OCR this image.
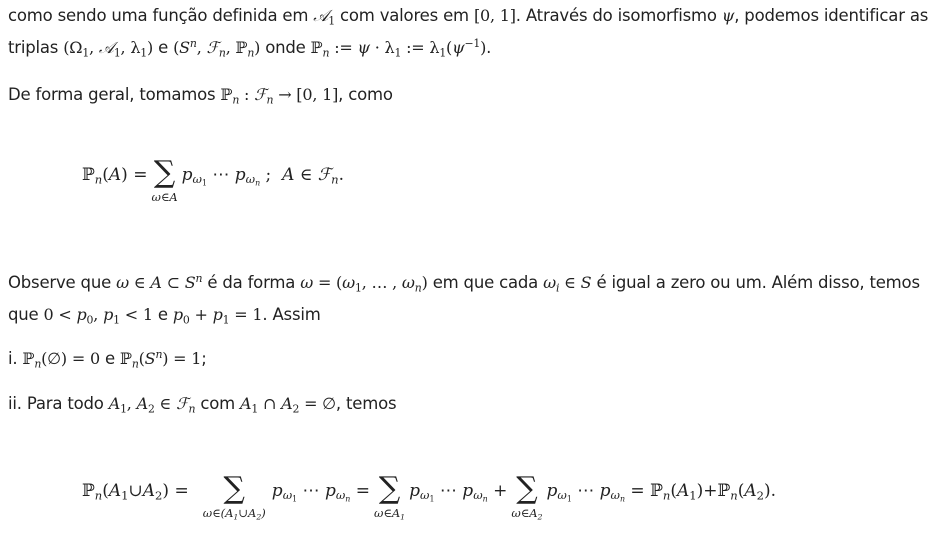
como sendo uma função definida em 𝒜$_1$ com valores em [0, 1]. Através do isomorfismo ψ, podemos identificar as
triplas ($\Omega_1$, 𝒜$_1$, $\lambda_1$) e ($S^n$, ℱ$_n$, ℙ$_n$) onde ℙ$_n$ := $\psi \cdot \lambda_1$ := $\lambda_1(\psi^{-1})$.
De forma geral, tomamos ℙ$_n$ : ℱ$_n$ → [0, 1], como
ℙ$_n$(A) = ∑
ω∈A
$p_{\omega_1}$ ⋯ $p_{\omega_n}$ ;  A ∈ ℱ$_n$.
Observe que ω ∈ A ⊂ $S^n$ é da forma $\omega = (\omega_1$, … , $\omega_n$) em que cada $\omega_i$ ∈ S é igual a zero ou um. Além disso, temos
que $0 < p_0$, $p_1 < 1$ e $p_0 + p_1 = 1$. Assim
i. ℙ$_n$(∅) = 0 e $ℙ_n(S^n) = 1$;
ii. Para todo $A_1$, $A_2$ ∈ ℱ$_n$ com $A_1$ ∩ $A_2$ = ∅, temos
$ℙ_n(A_1\cup A_2)$ = ∑
$\omega\in(A_1\cup A_2)$
$p_{\omega_1}$ ⋯ $p_{\omega_n}$ = ∑
$\omega\in A_1$
$p_{\omega_1}$ ⋯ $p_{\omega_n}$ + ∑
$\omega\in A_2$
$p_{\omega_1}$ ⋯ $p_{\omega_n}$ = $ℙ_n(A_1)+ℙ_n(A_2)$.
